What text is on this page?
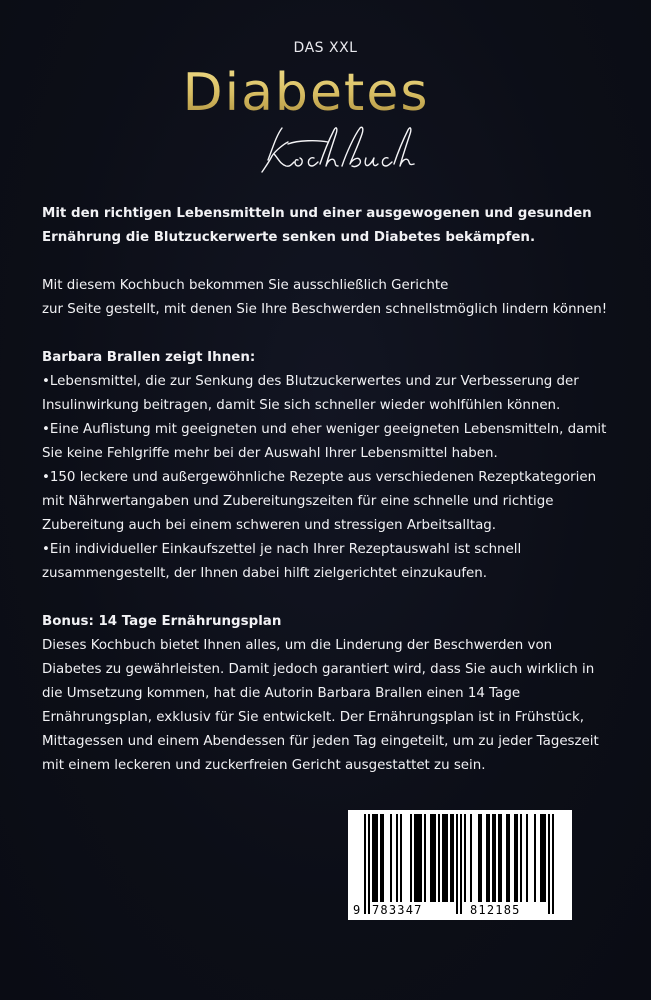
DAS XXL
Diabetes

Mit den richtigen Lebensmitteln und einer ausgewogenen und gesunden Ernährung die Blutzuckerwerte senken und Diabetes bekämpfen.

Mit diesem Kochbuch bekommen Sie ausschließlich Gerichte

zur Seite gestellt, mit denen Sie Ihre Beschwerden schnellstmöglich lindern können!

Barbara Brallen zeigt Ihnen:

•Lebensmittel, die zur Senkung des Blutzuckerwertes und zur Verbesserung der Insulinwirkung beitragen, damit Sie sich schneller wieder wohlfühlen können.

•Eine Auflistung mit geeigneten und eher weniger geeigneten Lebensmitteln, damit Sie keine Fehlgriffe mehr bei der Auswahl Ihrer Lebensmittel haben.

•150 leckere und außergewöhnliche Rezepte aus verschiedenen Rezeptkategorien mit Nährwertangaben und Zubereitungszeiten für eine schnelle und richtige Zubereitung auch bei einem schweren und stressigen Arbeitsalltag.

•Ein individueller Einkaufszettel je nach Ihrer Rezeptauswahl ist schnell zusammengestellt, der Ihnen dabei hilft zielgerichtet einzukaufen.

Bonus: 14 Tage Ernährungsplan

Dieses Kochbuch bietet Ihnen alles, um die Linderung der Beschwerden von Diabetes zu gewährleisten. Damit jedoch garantiert wird, dass Sie auch wirklich in die Umsetzung kommen, hat die Autorin Barbara Brallen einen 14 Tage Ernährungsplan, exklusiv für Sie entwickelt. Der Ernährungsplan ist in Frühstück, Mittagessen und einem Abendessen für jeden Tag eingeteilt, um zu jeder Tageszeit mit einem leckeren und zuckerfreien Gericht ausgestattet zu sein.

9 783347	812185
